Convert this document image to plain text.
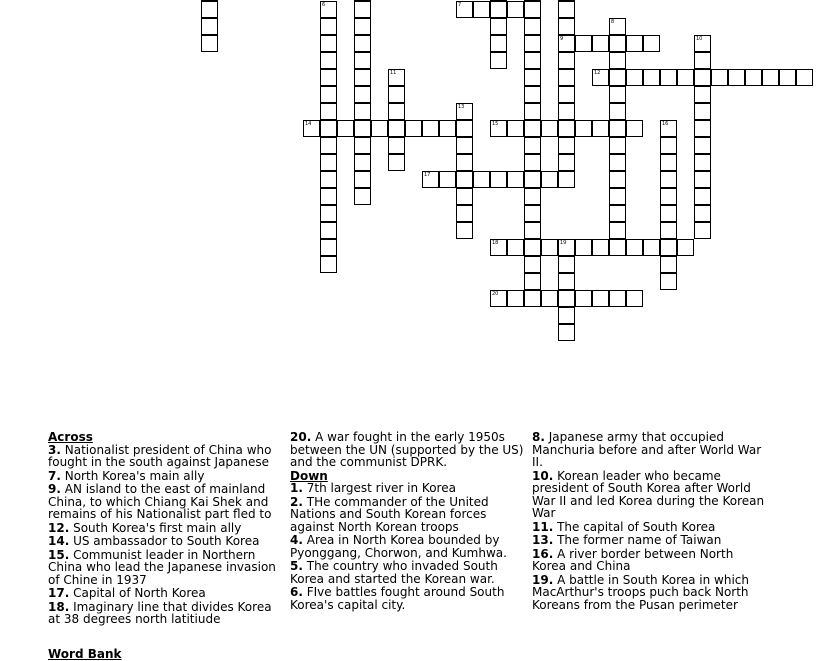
7
9
12
14	15
17
18	19
20
6
8
10
11
13
16

Across

3. Nationalist president of China who fought in the south against Japanese

7. North Korea's main ally

9. AN island to the east of mainland China, to which Chiang Kai Shek and remains of his Nationalist part fled to

12. South Korea's first main ally

14. US ambassador to South Korea

15. Communist leader in Northern China who lead the Japanese invasion of Chine in 1937

17. Capital of North Korea

18. Imaginary line that divides Korea at 38 degrees north latitiude

20. A war fought in the early 1950s between the UN (supported by the US) and the communist DPRK.

Down

1. 7th largest river in Korea

2. THe commander of the United Nations and South Korean forces against North Korean troops

4. Area in North Korea bounded by Pyonggang, Chorwon, and Kumhwa.

5. The country who invaded South Korea and started the Korean war.

6. FIve battles fought around South Korea's capital city.

8. Japanese army that occupied Manchuria before and after World War II.

10. Korean leader who became president of South Korea after World War II and led Korea during the Korean War

11. The capital of South Korea

13. The former name of Taiwan

16. A river border between North Korea and China

19. A battle in South Korea in which MacArthur's troops puch back North Koreans from the Pusan perimeter

Word Bank
